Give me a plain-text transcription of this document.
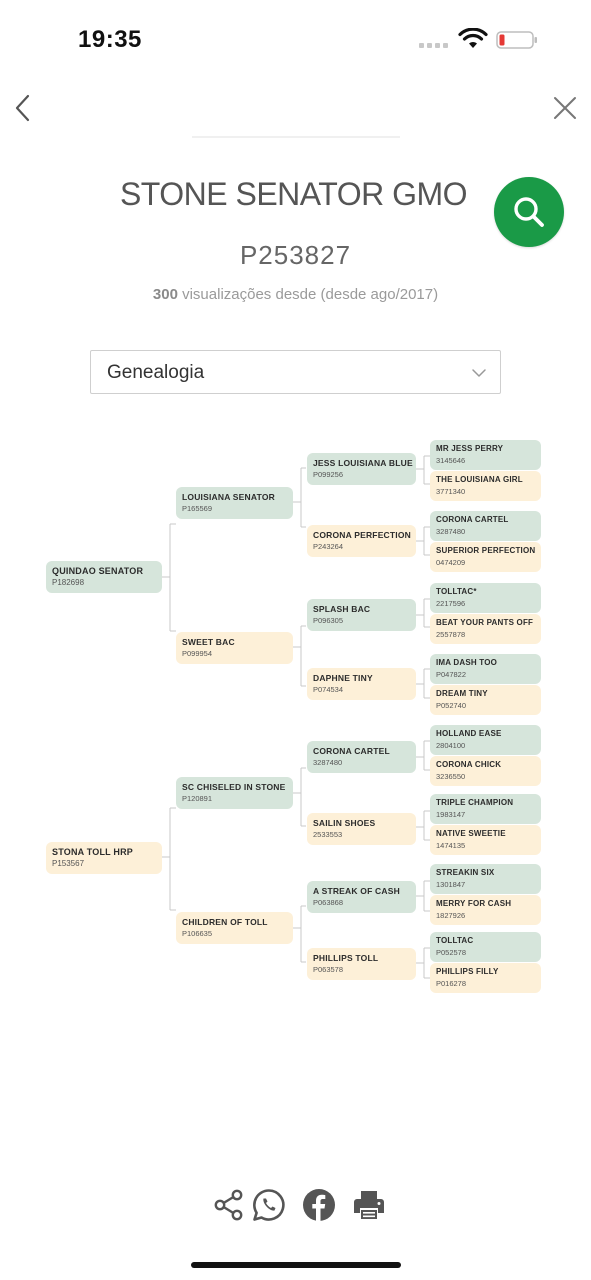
19:35
STONE SENATOR GMO
P253827
300 visualizações desde (desde ago/2017)
Genealogia
QUINDAO SENATOR
P182698
STONA TOLL HRP
P153567
LOUISIANA SENATOR
P165569
SWEET BAC
P099954
SC CHISELED IN STONE
P120891
CHILDREN OF TOLL
P106635
JESS LOUISIANA BLUE
P099256
CORONA PERFECTION
P243264
SPLASH BAC
P096305
DAPHNE TINY
P074534
CORONA CARTEL
3287480
SAILIN SHOES
2533553
A STREAK OF CASH
P063868
PHILLIPS TOLL
P063578
MR JESS PERRY
3145646
THE LOUISIANA GIRL
3771340
CORONA CARTEL
3287480
SUPERIOR PERFECTION
0474209
TOLLTAC*
2217596
BEAT YOUR PANTS OFF
2557878
IMA DASH TOO
P047822
DREAM TINY
P052740
HOLLAND EASE
2804100
CORONA CHICK
3236550
TRIPLE CHAMPION
1983147
NATIVE SWEETIE
1474135
STREAKIN SIX
1301847
MERRY FOR CASH
1827926
TOLLTAC
P052578
PHILLIPS FILLY
P016278
